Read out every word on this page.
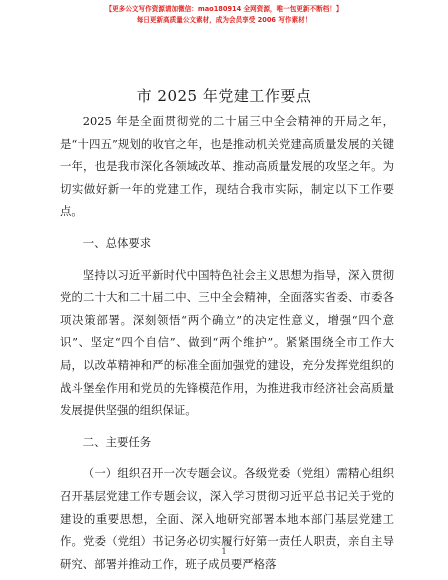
【更多公文写作资源请加微信：mao180914 全网资源，唯一包更新不断档！】
每日更新高质量公文素材，成为会员享受 2006 写作素材！
市 2025 年党建工作要点

2025 年是全面贯彻党的二十届三中全会精神的开局之年，是“十四五”规划的收官之年，也是推动机关党建高质量发展的关键一年，也是我市深化各领域改革、推动高质量发展的攻坚之年。为切实做好新一年的党建工作，现结合我市实际，制定以下工作要点。

一、总体要求

坚持以习近平新时代中国特色社会主义思想为指导，深入贯彻党的二十大和二十届二中、三中全会精神，全面落实省委、市委各项决策部署。深刻领悟“两个确立”的决定性意义，增强“四个意识”、坚定“四个自信”、做到“两个维护”。紧紧围绕全市工作大局，以改革精神和严的标准全面加强党的建设，充分发挥党组织的战斗堡垒作用和党员的先锋模范作用，为推进我市经济社会高质量发展提供坚强的组织保证。

二、主要任务

（一）组织召开一次专题会议。各级党委（党组）需精心组织召开基层党建工作专题会议，深入学习贯彻习近平总书记关于党的建设的重要思想，全面、深入地研究部署本地本部门基层党建工作。党委（党组）书记务必切实履行好第一责任人职责，亲自主导研究、部署并推动工作，班子成员要严格落

1
